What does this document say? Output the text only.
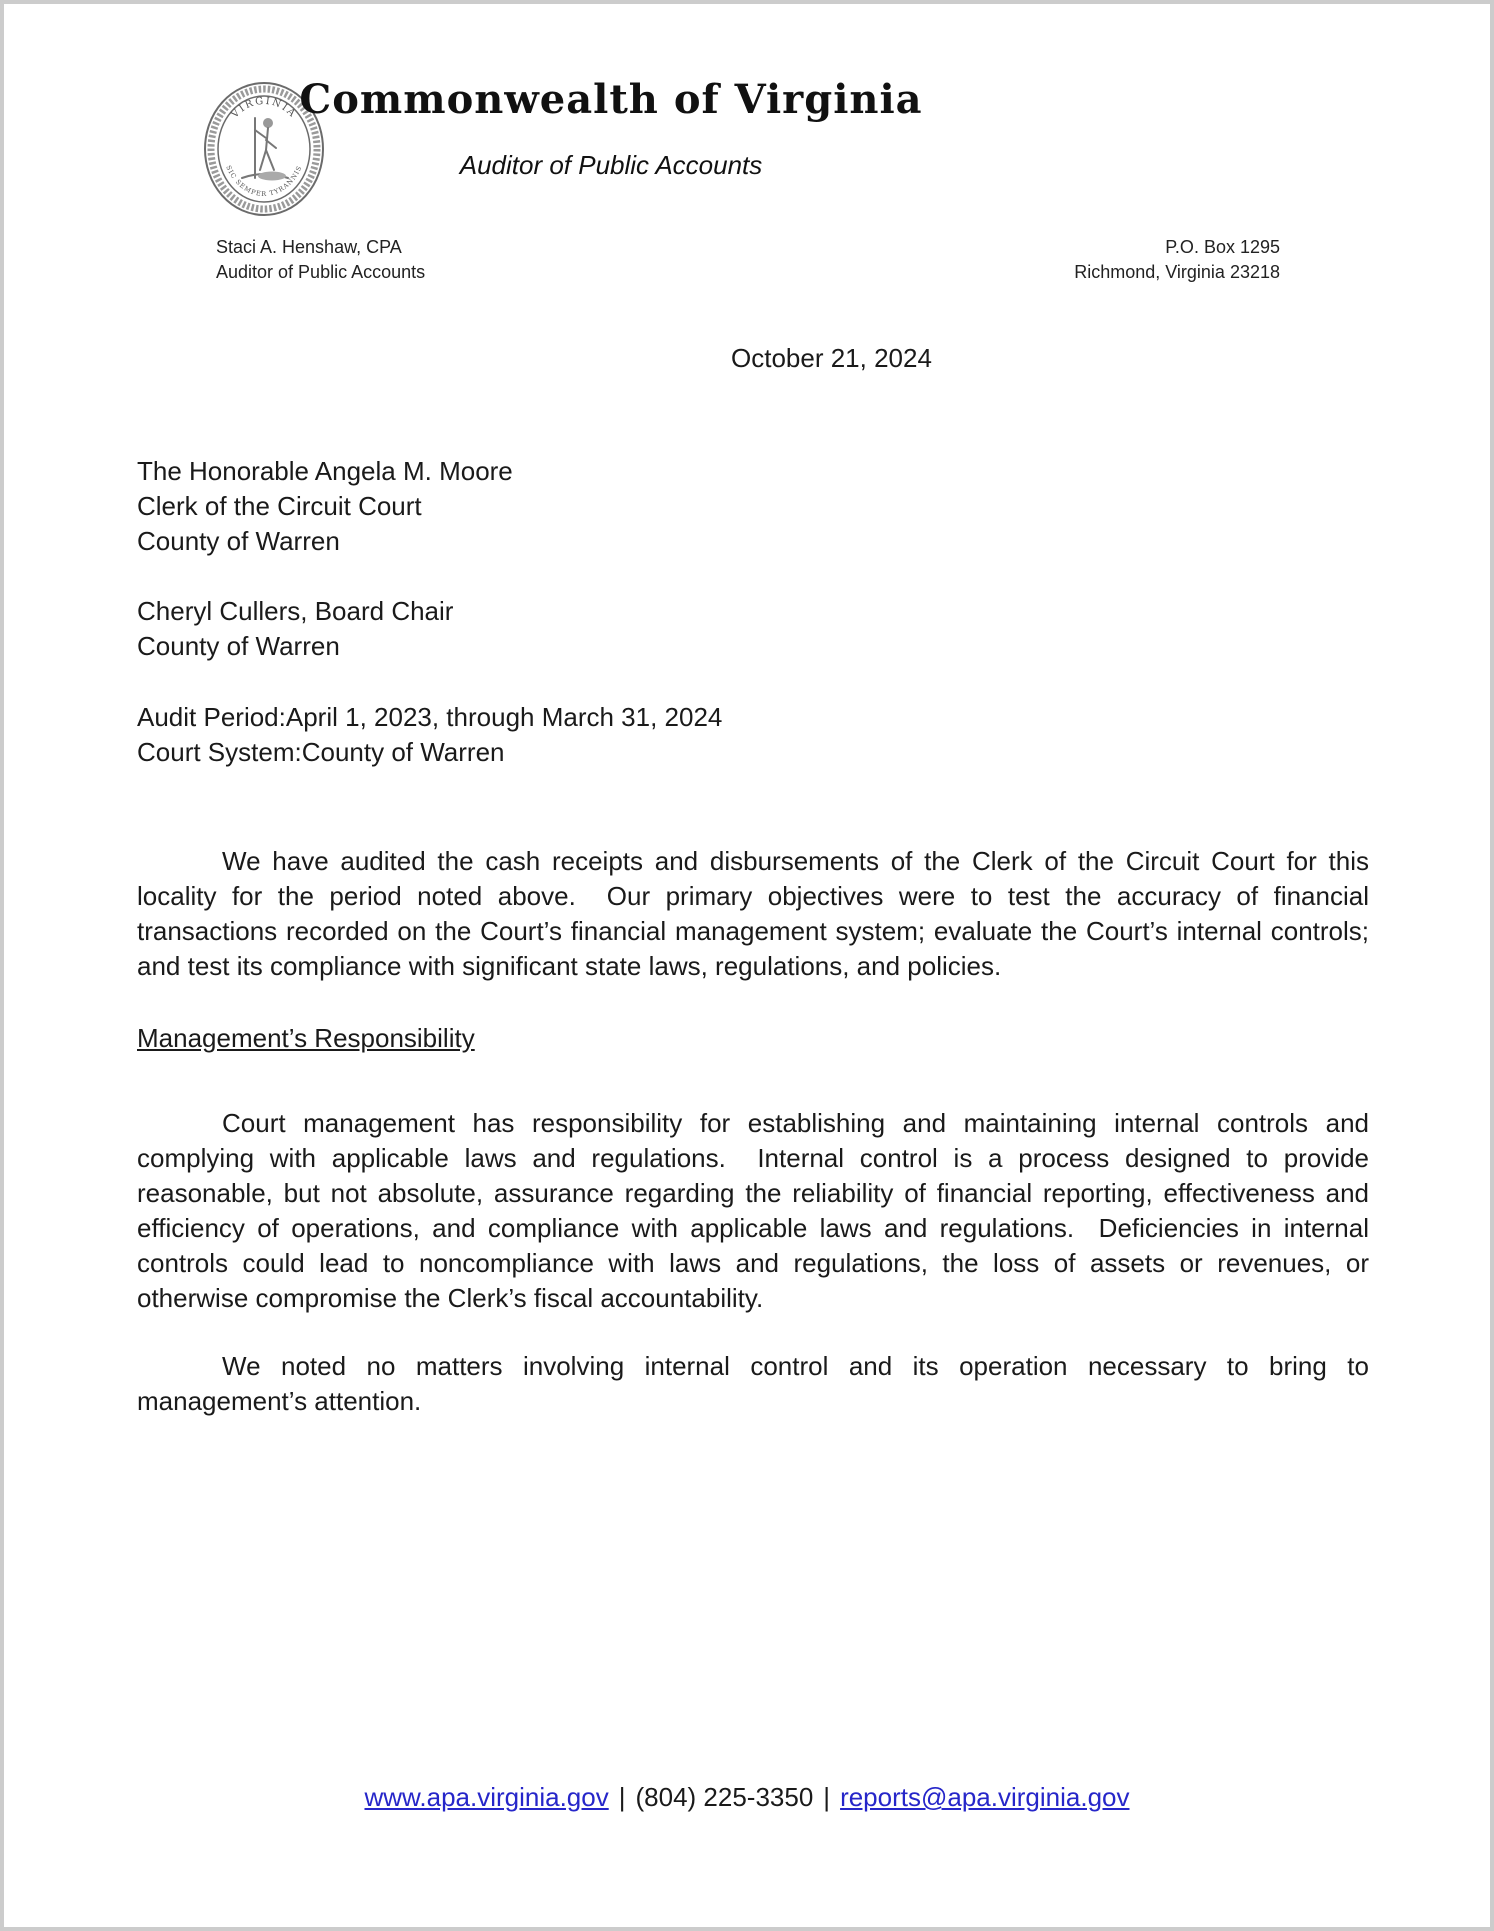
VIRGINIA
SIC SEMPER TYRANNIS
Commonwealth of Virginia
Auditor of Public Accounts
Staci A. Henshaw, CPA
Auditor of Public Accounts
P.O. Box 1295
Richmond, Virginia 23218
October 21, 2024
The Honorable Angela M. Moore
Clerk of the Circuit Court
County of Warren
Cheryl Cullers, Board Chair
County of Warren
Audit Period:April 1, 2023, through March 31, 2024
Court System:County of Warren
We have audited the cash receipts and disbursements of the Clerk of the Circuit Court for this locality for the period noted above.  Our primary objectives were to test the accuracy of financial transactions recorded on the Court’s financial management system; evaluate the Court’s internal controls; and test its compliance with significant state laws, regulations, and policies.
Management’s Responsibility
Court management has responsibility for establishing and maintaining internal controls and complying with applicable laws and regulations.  Internal control is a process designed to provide reasonable, but not absolute, assurance regarding the reliability of financial reporting, effectiveness and efficiency of operations, and compliance with applicable laws and regulations.  Deficiencies in internal controls could lead to noncompliance with laws and regulations, the loss of assets or revenues, or otherwise compromise the Clerk’s fiscal accountability.
We noted no matters involving internal control and its operation necessary to bring to management’s attention.
www.apa.virginia.gov | (804) 225-3350 | reports@apa.virginia.gov
